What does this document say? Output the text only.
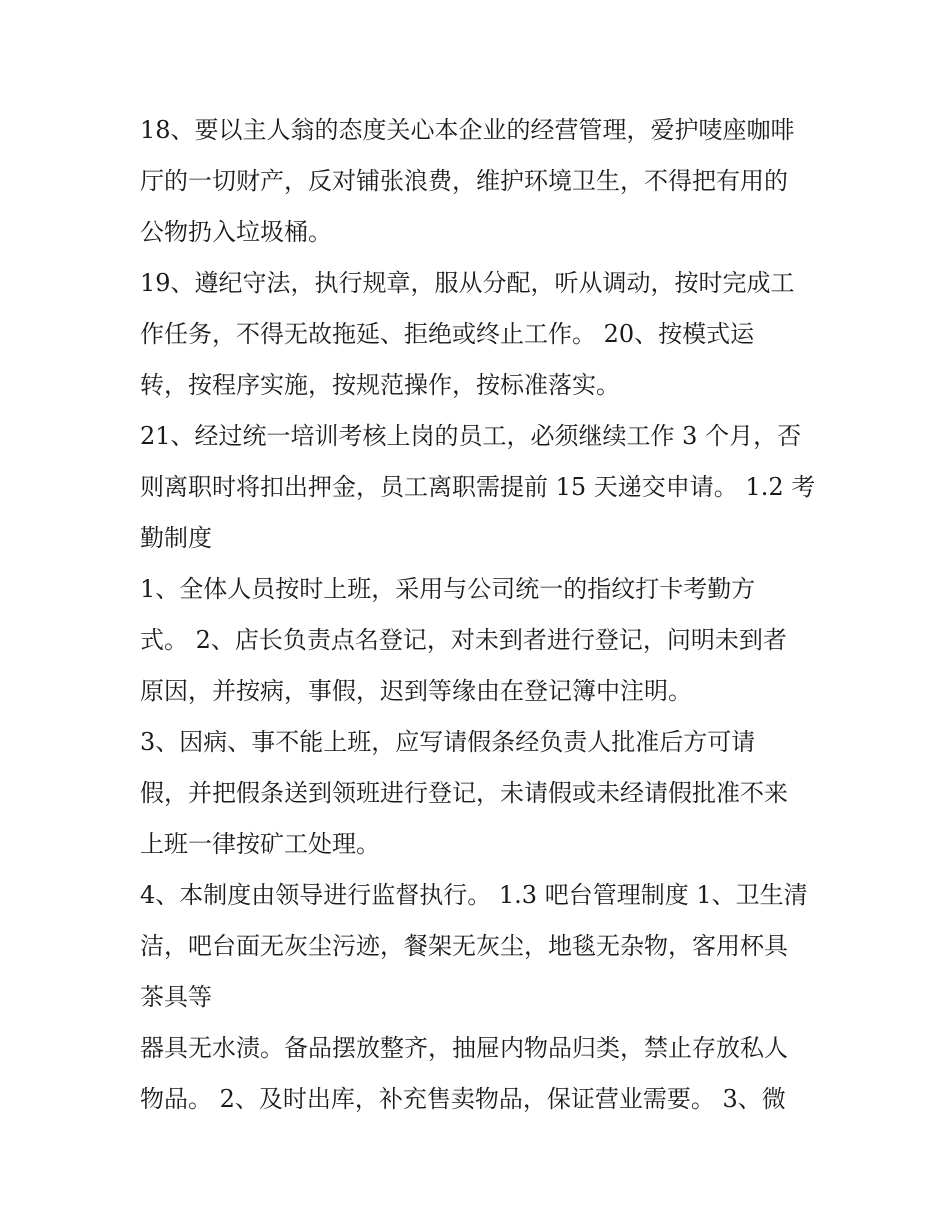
18、要以主人翁的态度关心本企业的经营管理，爱护唛座咖啡
厅的一切财产，反对铺张浪费，维护环境卫生，不得把有用的
公物扔入垃圾桶。
19、遵纪守法，执行规章，服从分配，听从调动，按时完成工
作任务，不得无故拖延、拒绝或终止工作。 20、按模式运
转，按程序实施，按规范操作，按标准落实。
21、经过统一培训考核上岗的员工，必须继续工作 3 个月，否
则离职时将扣出押金，员工离职需提前 15 天递交申请。 1.2 考
勤制度
1、全体人员按时上班，采用与公司统一的指纹打卡考勤方
式。 2、店长负责点名登记，对未到者进行登记，问明未到者
原因，并按病，事假，迟到等缘由在登记簿中注明。
3、因病、事不能上班，应写请假条经负责人批准后方可请
假，并把假条送到领班进行登记，未请假或未经请假批准不来
上班一律按矿工处理。
4、本制度由领导进行监督执行。 1.3 吧台管理制度 1、卫生清
洁，吧台面无灰尘污迹，餐架无灰尘，地毯无杂物，客用杯具
茶具等
器具无水渍。备品摆放整齐，抽屉内物品归类，禁止存放私人
物品。 2、及时出库，补充售卖物品，保证营业需要。 3、微
